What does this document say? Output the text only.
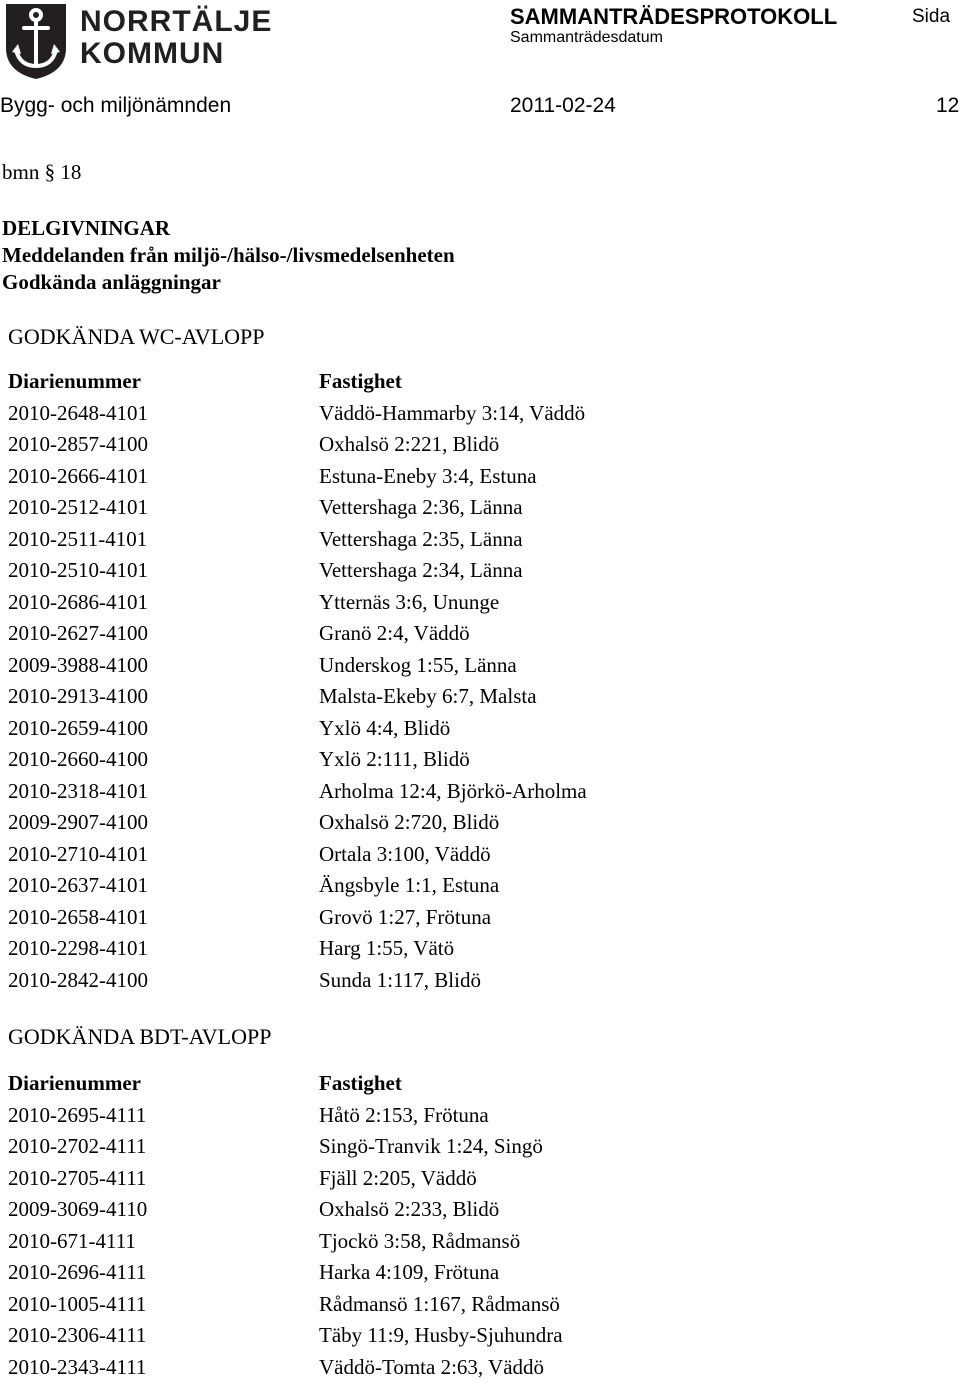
NORRTÄLJE
KOMMUN
SAMMANTRÄDESPROTOKOLL
Sammanträdesdatum
Sida
Bygg- och miljönämnden	2011-02-24	12
bmn § 18
DELGIVNINGAR
Meddelanden från miljö-/hälso-/livsmedelsenheten
Godkända anläggningar
GODKÄNDA WC-AVLOPP
Diarienummer	Fastighet
2010-2648-4101	Väddö-Hammarby 3:14, Väddö
2010-2857-4100	Oxhalsö 2:221, Blidö
2010-2666-4101	Estuna-Eneby 3:4, Estuna
2010-2512-4101	Vettershaga 2:36, Länna
2010-2511-4101	Vettershaga 2:35, Länna
2010-2510-4101	Vettershaga 2:34, Länna
2010-2686-4101	Ytternäs 3:6, Ununge
2010-2627-4100	Granö 2:4, Väddö
2009-3988-4100	Underskog 1:55, Länna
2010-2913-4100	Malsta-Ekeby 6:7, Malsta
2010-2659-4100	Yxlö 4:4, Blidö
2010-2660-4100	Yxlö 2:111, Blidö
2010-2318-4101	Arholma 12:4, Björkö-Arholma
2009-2907-4100	Oxhalsö 2:720, Blidö
2010-2710-4101	Ortala 3:100, Väddö
2010-2637-4101	Ängsbyle 1:1, Estuna
2010-2658-4101	Grovö 1:27, Frötuna
2010-2298-4101	Harg 1:55, Vätö
2010-2842-4100	Sunda 1:117, Blidö
GODKÄNDA BDT-AVLOPP
Diarienummer	Fastighet
2010-2695-4111	Håtö 2:153, Frötuna
2010-2702-4111	Singö-Tranvik 1:24, Singö
2010-2705-4111	Fjäll 2:205, Väddö
2009-3069-4110	Oxhalsö 2:233, Blidö
2010-671-4111	Tjockö 3:58, Rådmansö
2010-2696-4111	Harka 4:109, Frötuna
2010-1005-4111	Rådmansö 1:167, Rådmansö
2010-2306-4111	Täby 11:9, Husby-Sjuhundra
2010-2343-4111	Väddö-Tomta 2:63, Väddö
